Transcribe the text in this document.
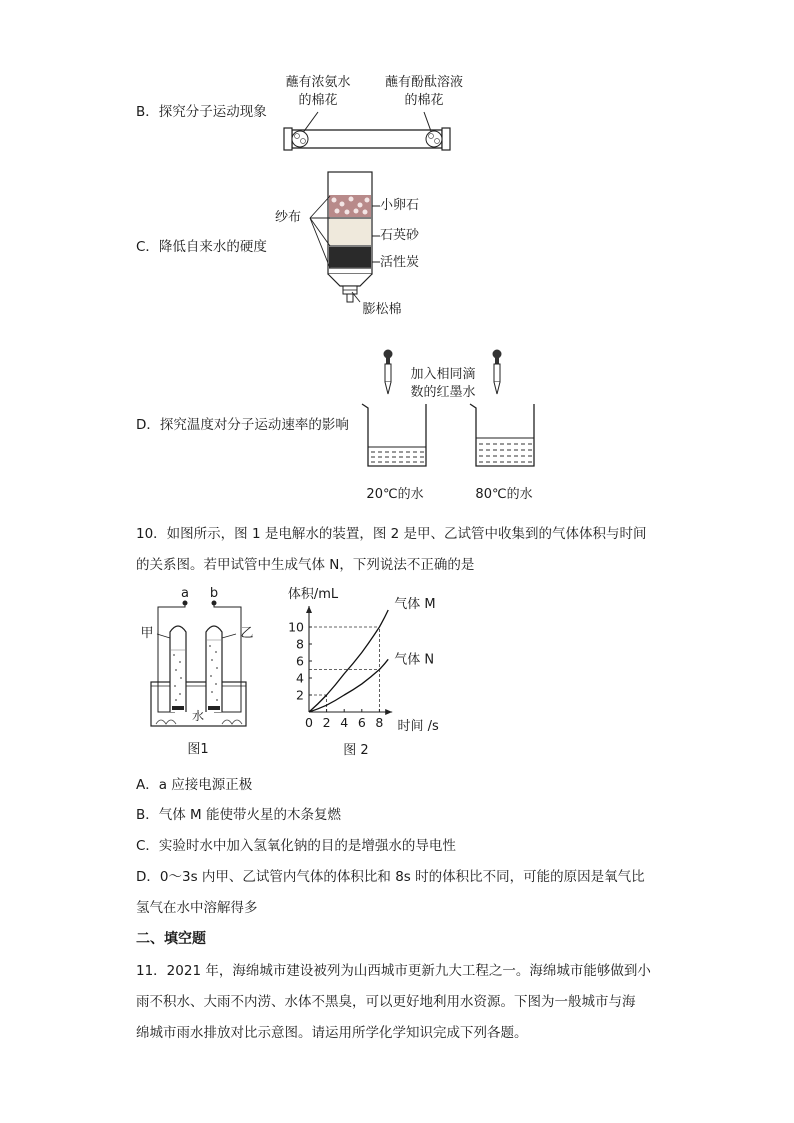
B．探究分子运动现象
蘸有浓氨水
的棉花
蘸有酚酞溶液
的棉花
C．降低自来水的硬度
纱布
小卵石
石英砂
活性炭
膨松棉
D．探究温度对分子运动速率的影响
加入相同滴
数的红墨水
20℃的水	80℃的水
10．如图所示，图 1 是电解水的装置，图 2 是甲、乙试管中收集到的气体体积与时间
的关系图。若甲试管中生成气体 N，下列说法不正确的是
a b
甲	乙
水
图1
0 2 4 6 8
2
4
6
8
10
体积/mL
时间 /s
气体 M
气体 N
图 2
A．a 应接电源正极
B．气体 M 能使带火星的木条复燃
C．实验时水中加入氢氧化钠的目的是增强水的导电性
D．0～3s 内甲、乙试管内气体的体积比和 8s 时的体积比不同，可能的原因是氧气比
氢气在水中溶解得多
二、填空题
11．2021 年，海绵城市建设被列为山西城市更新九大工程之一。海绵城市能够做到小
雨不积水、大雨不内涝、水体不黑臭，可以更好地利用水资源。下图为一般城市与海
绵城市雨水排放对比示意图。请运用所学化学知识完成下列各题。
